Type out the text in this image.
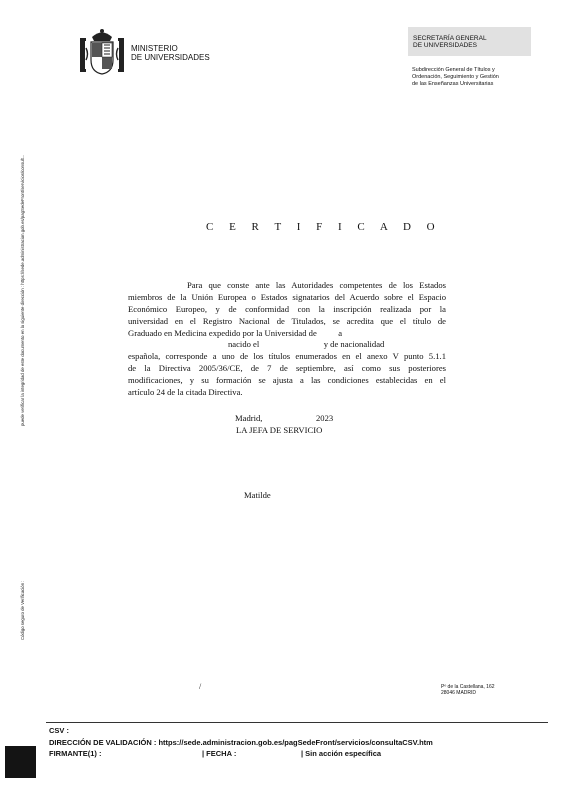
MINISTERIO
DE UNIVERSIDADES
SECRETARÍA GENERAL
DE UNIVERSIDADES
Subdirección General de Títulos y
Ordenación, Seguimiento y Gestión
de las Enseñanzas Universitarias
puede verificar la integridad de este documento en la siguiente dirección : https://sede.administracion.gob.es/pagSedeFront/servicios/consult...
Código seguro de Verificación :
C E R T I F I C A D O
Para que conste ante las Autoridades competentes de los Estados
miembros de la Unión Europea o Estados signatarios del Acuerdo sobre el Espacio
Económico Europeo, y de conformidad con la inscripción realizada por la
universidad en el Registro Nacional de Titulados, se acredita que el título de
Graduado en Medicina expedido por la Universidad de          a
nacido el                              y de nacionalidad
española, corresponde a uno de los títulos enumerados en el anexo V punto 5.1.1
de la Directiva 2005/36/CE, de 7 de septiembre, así como sus posteriores
modificaciones, y su formación se ajusta a las condiciones establecidas en el
artículo 24 de la citada Directiva.
Madrid,	2023
LA JEFA DE SERVICIO
Matilde
/	Pº de la Castellana, 162
28046 MADRID
CSV :
DIRECCIÓN DE VALIDACIÓN : https://sede.administracion.gob.es/pagSedeFront/servicios/consultaCSV.htm
FIRMANTE(1) :	| FECHA :	| Sin acción específica
